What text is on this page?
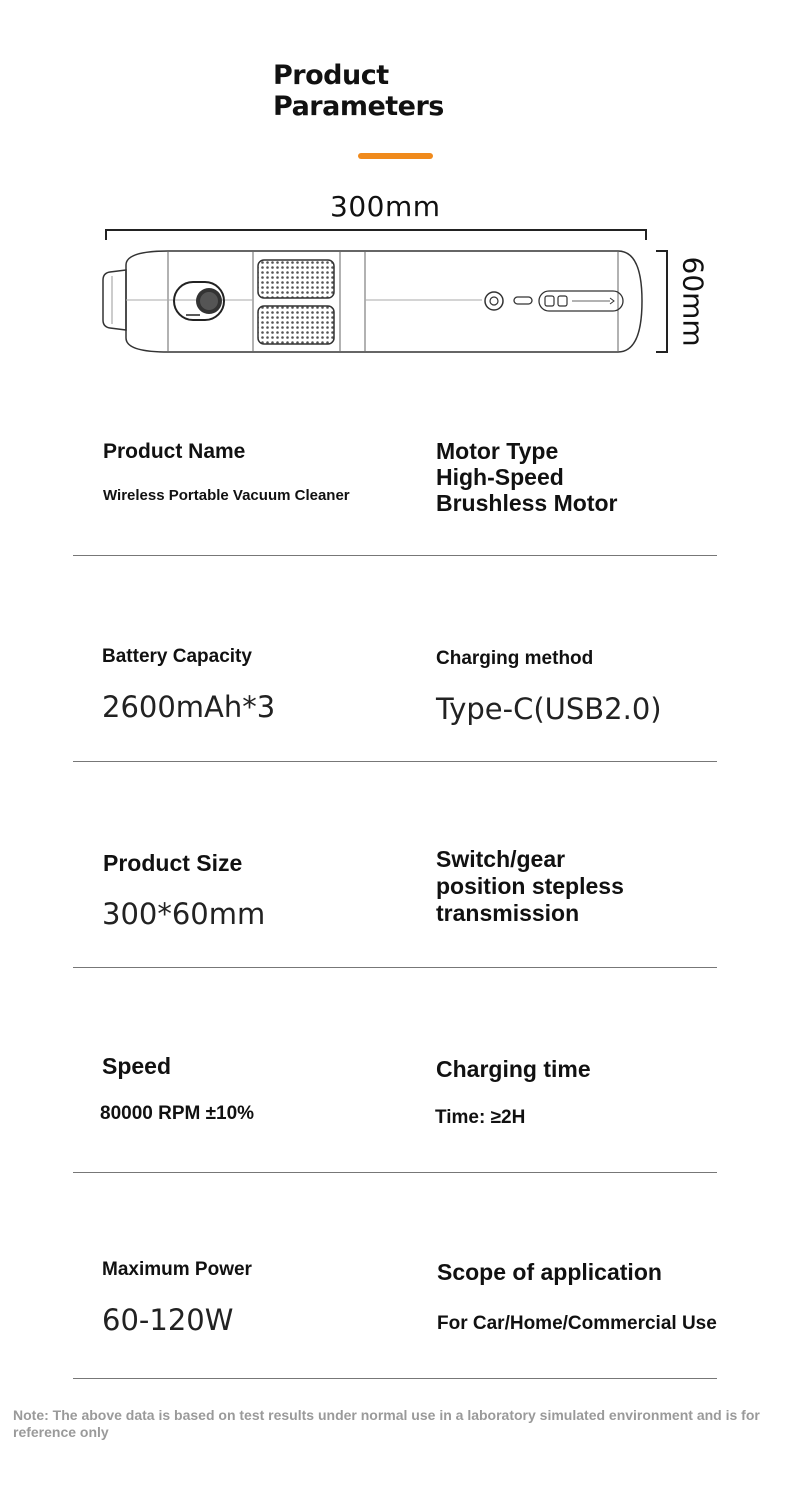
Product
Parameters
300mm
60mm
Product Name
Wireless Portable Vacuum Cleaner
Motor Type
High-Speed
Brushless Motor
Battery Capacity
2600mAh*3
Charging method
Type-C(USB2.0)
Product Size
300*60mm
Switch/gear
position stepless
transmission
Speed
80000 RPM ±10%
Charging time
Time: ≥2H
Maximum Power
60-120W
Scope of application
For Car/Home/Commercial Use
Note: The above data is based on test results under normal use in a laboratory simulated environment and is for reference only
